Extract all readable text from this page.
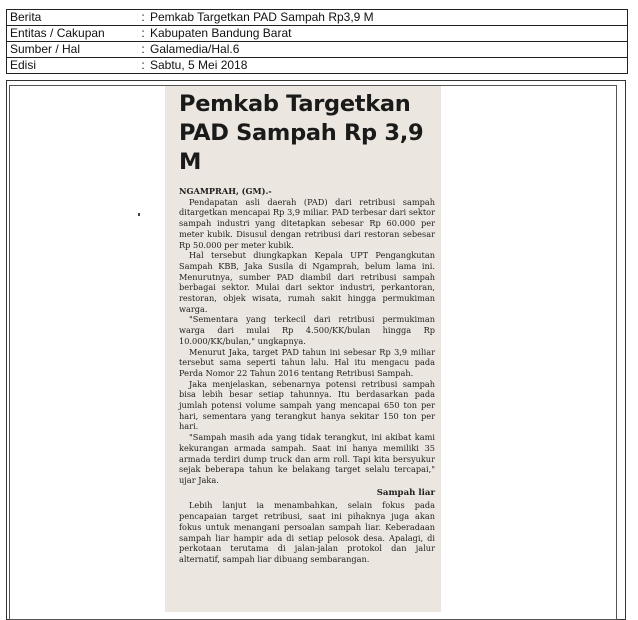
Berita	:	Pemkab Targetkan PAD Sampah Rp3,9 M
Entitas / Cakupan	:	Kabupaten Bandung Barat
Sumber / Hal	:	Galamedia/Hal.6
Edisi	:	Sabtu, 5 Mei 2018
Pemkab Targetkan
PAD Sampah Rp 3,9 M

NGAMPRAH, (GM).-

Pendapatan asli daerah (PAD) dari retribusi sampah ditargetkan mencapai Rp 3,9 miliar. PAD terbesar dari sektor sampah industri yang ditetapkan sebesar Rp 60.000 per meter kubik. Disusul dengan retribusi dari restoran sebesar Rp 50.000 per meter kubik.

Hal tersebut diungkapkan Kepala UPT Pengangkutan Sampah KBB, Jaka Susila di Ngamprah, belum lama ini. Menurutnya, sumber PAD diambil dari retribusi sampah berbagai sektor. Mulai dari sektor industri, perkantoran, restoran, objek wisata, rumah sakit hingga permukiman warga.

"Sementara yang terkecil dari retribusi permukiman warga dari mulai Rp 4.500/KK/bulan hingga Rp 10.000/KK/bulan," ungkapnya.

Menurut Jaka, target PAD tahun ini sebesar Rp 3,9 miliar tersebut sama seperti tahun lalu. Hal itu mengacu pada Perda Nomor 22 Tahun 2016 tentang Retribusi Sampah.

Jaka menjelaskan, sebenarnya potensi retribusi sampah bisa lebih besar setiap tahunnya. Itu berdasarkan pada jumlah potensi volume sampah yang mencapai 650 ton per hari, sementara yang terangkut hanya sekitar 150 ton per hari.

"Sampah masih ada yang tidak terangkut, ini akibat kami kekurangan armada sampah. Saat ini hanya memiliki 35 armada terdiri dump truck dan arm roll. Tapi kita bersyukur sejak beberapa tahun ke belakang target selalu tercapai," ujar Jaka.

Sampah liar

Lebih lanjut ia menambahkan, selain fokus pada pencapaian target retribusi, saat ini pihaknya juga akan fokus untuk menangani persoalan sampah liar. Keberadaan sampah liar hampir ada di setiap pelosok desa. Apalagi, di perkotaan terutama di jalan-jalan protokol dan jalur alternatif, sampah liar dibuang sembarangan.
